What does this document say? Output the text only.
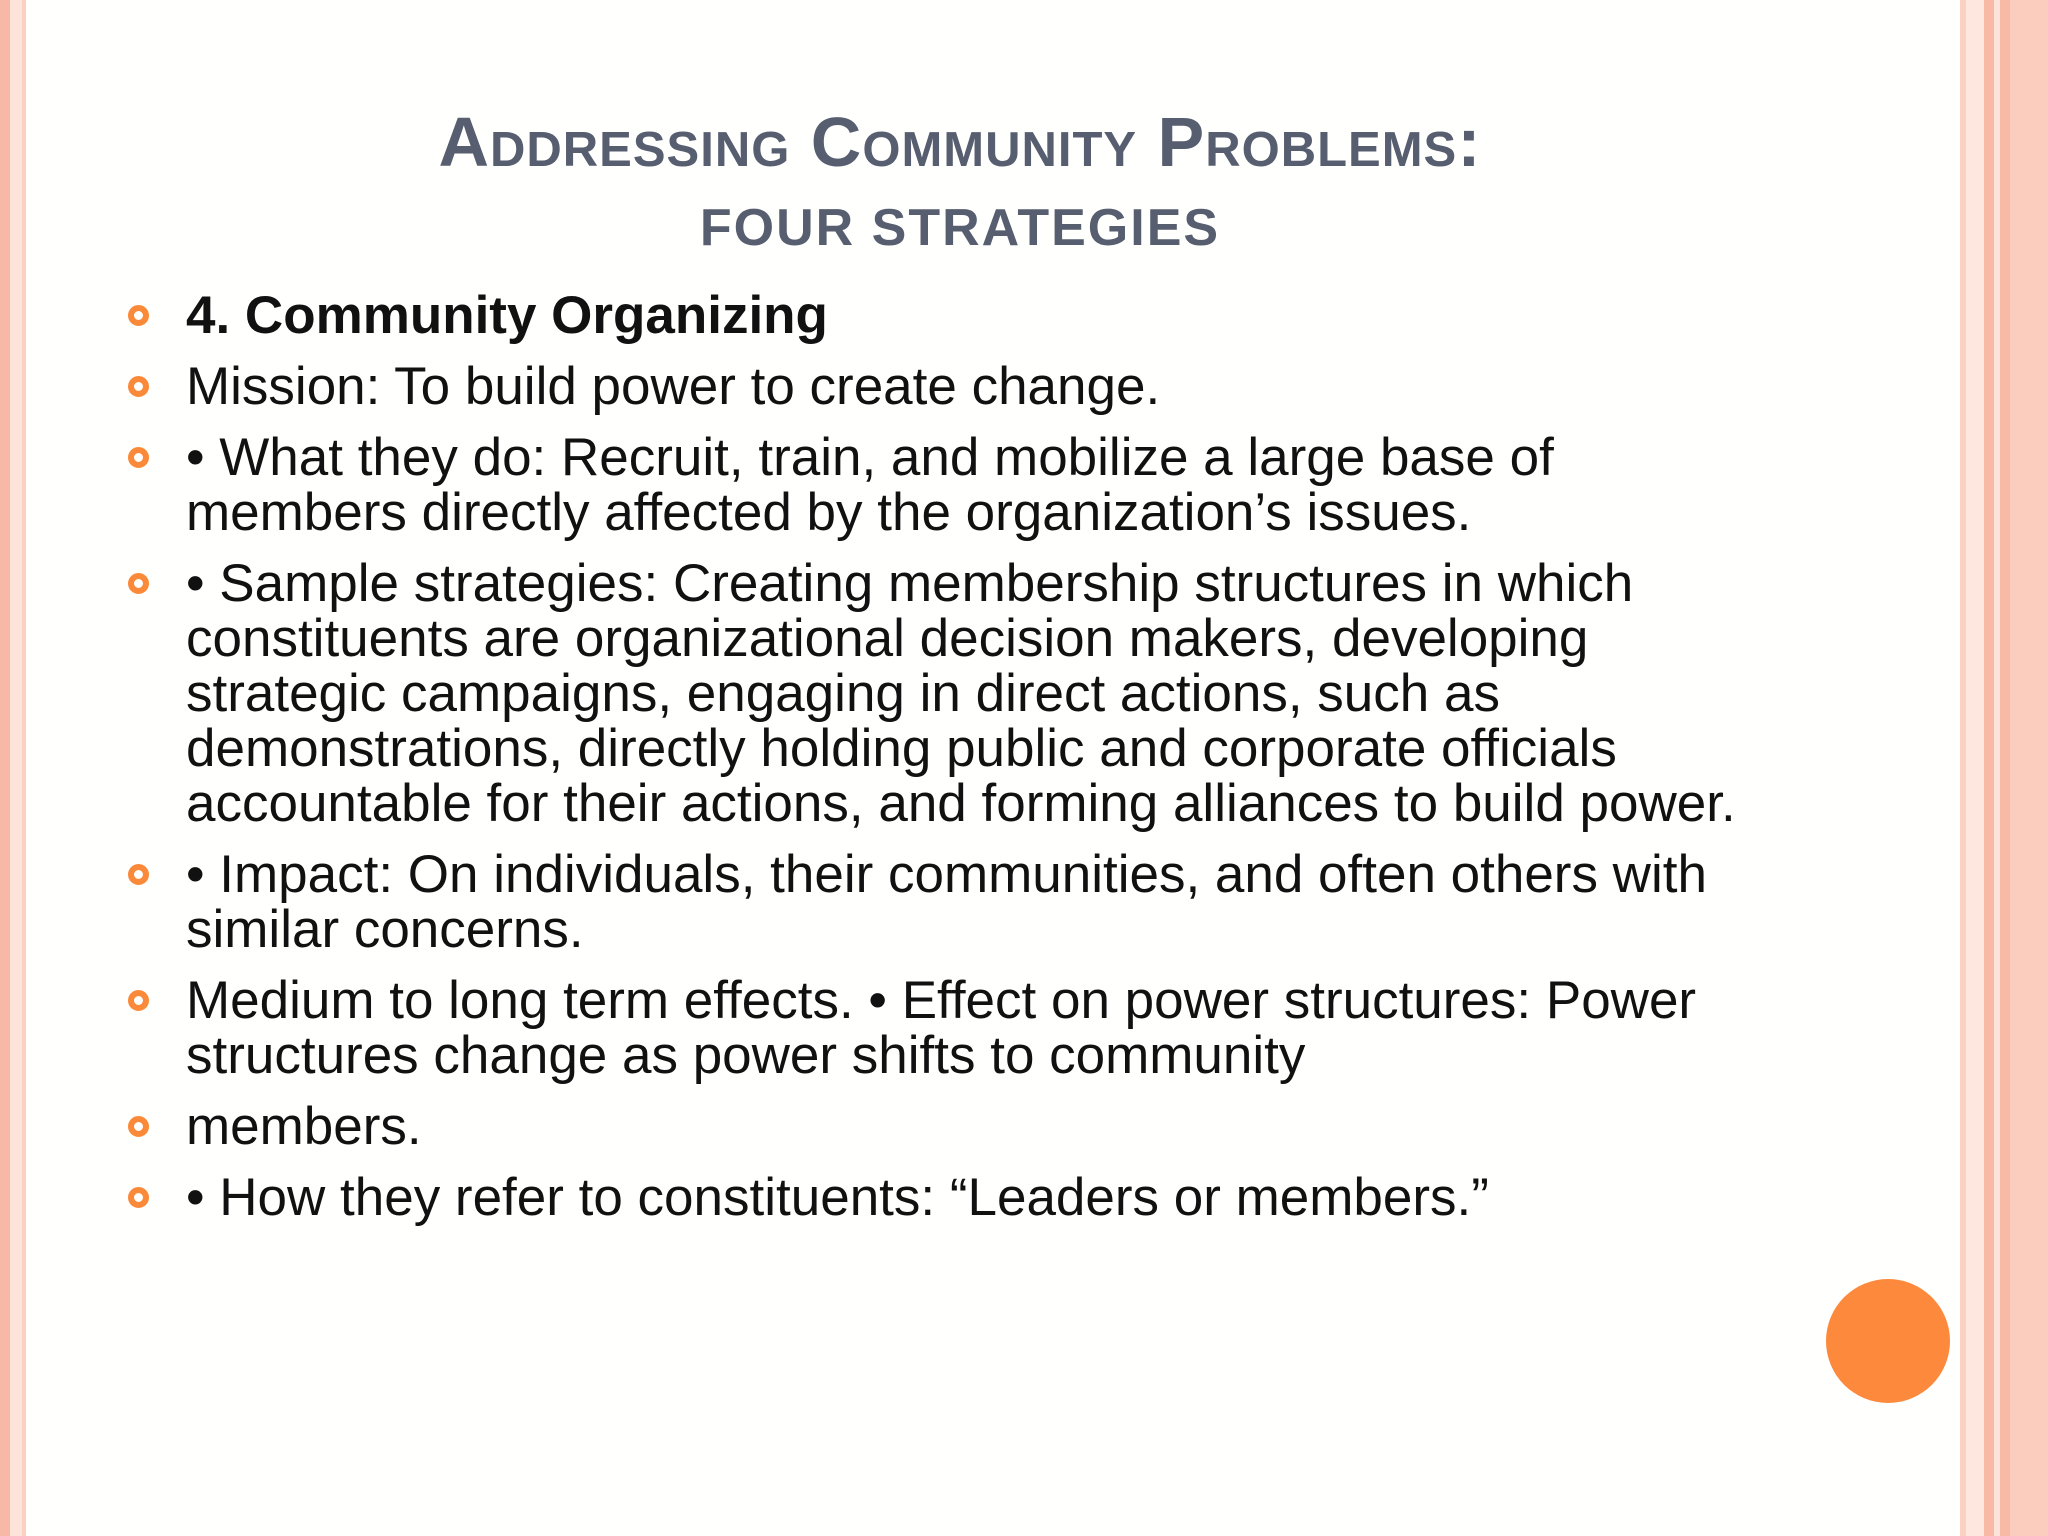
Addressing Community Problems:
FOUR STRATEGIES
4. Community Organizing
Mission: To build power to create change.
• What they do: Recruit, train, and mobilize a large base of members directly affected by the organization’s issues.
• Sample strategies: Creating membership structures in which constituents are organizational decision makers, developing strategic campaigns, engaging in direct actions, such as demonstrations, directly holding public and corporate officials accountable for their actions, and forming alliances to build power.
• Impact: On individuals, their communities, and often others with similar concerns.
Medium to long term effects. • Effect on power structures: Power structures change as power shifts to community
members.
• How they refer to constituents: “Leaders or members.”
